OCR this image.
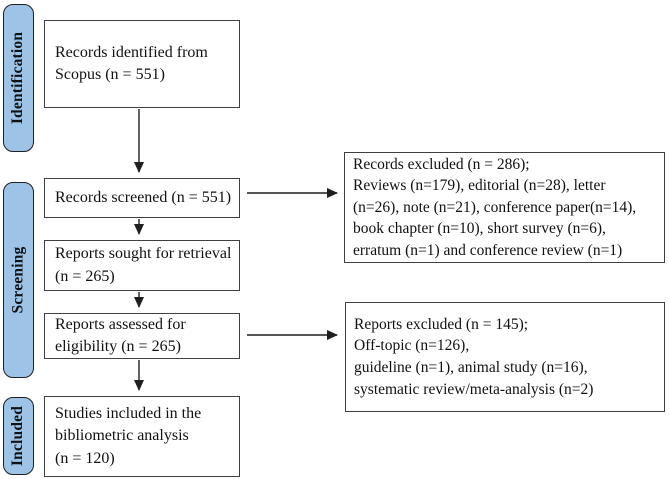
Identification
Screening
Included
Records identified from
Scopus (n = 551)
Records screened (n = 551)
Reports sought for retrieval
(n = 265)
Reports assessed for
eligibility (n = 265)
Studies included in the
bibliometric analysis
(n = 120)
Records excluded (n = 286);
Reviews (n=179), editorial (n=28), letter
(n=26), note (n=21), conference paper(n=14),
book chapter (n=10), short survey (n=6),
erratum (n=1) and conference review (n=1)
Reports excluded (n = 145);
Off-topic (n=126),
guideline (n=1), animal study (n=16),
systematic review/meta-analysis (n=2)
